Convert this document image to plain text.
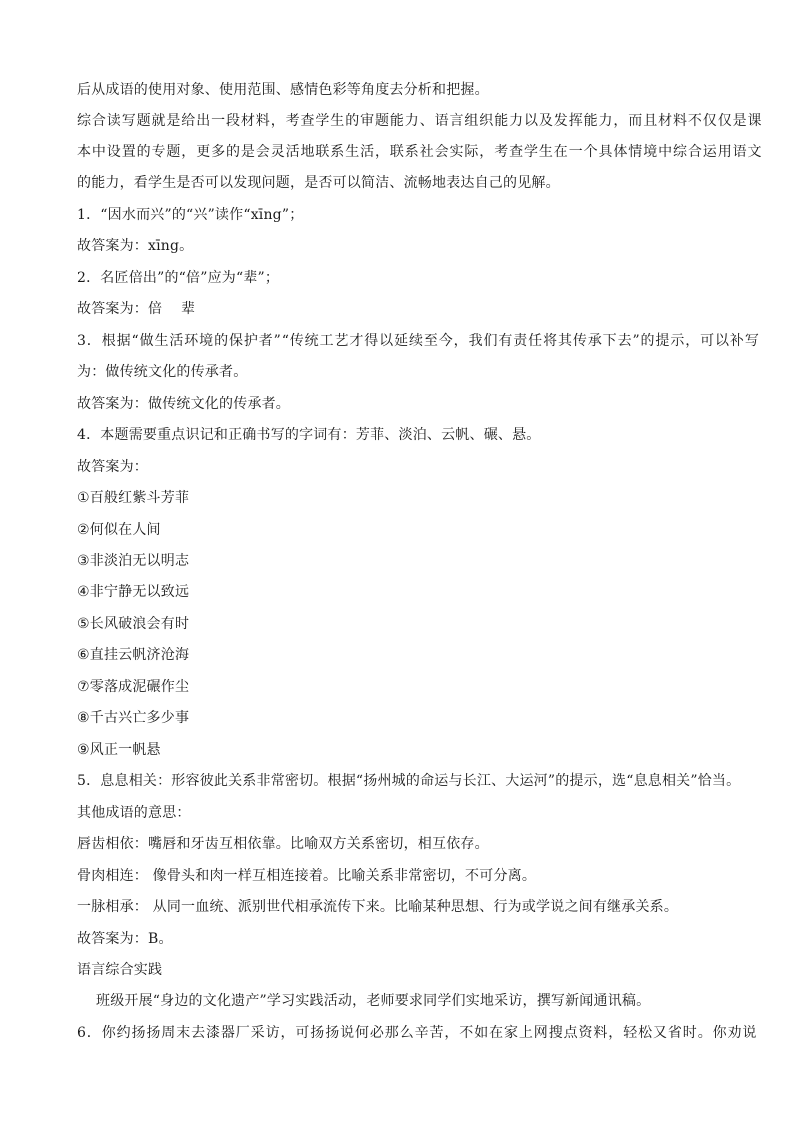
后从成语的使用对象、使用范围、感情色彩等角度去分析和把握。
综合读写题就是给出一段材料，考查学生的审题能力、语言组织能力以及发挥能力，而且材料不仅仅是课
本中设置的专题，更多的是会灵活地联系生活，联系社会实际，考查学生在一个具体情境中综合运用语文
的能力，看学生是否可以发现问题，是否可以简洁、流畅地表达自己的见解。
1．“因水而兴”的“兴”读作“xīng”；
故答案为：xīng。
2．名匠倍出”的“倍”应为“辈”；
故答案为：倍　 辈
3．根据“做生活环境的保护者”“传统工艺才得以延续至今，我们有责任将其传承下去”的提示，可以补写
为：做传统文化的传承者。
故答案为：做传统文化的传承者。
4．本题需要重点识记和正确书写的字词有：芳菲、淡泊、云帆、碾、悬。
故答案为：
①百般红紫斗芳菲
②何似在人间
③非淡泊无以明志
④非宁静无以致远
⑤长风破浪会有时
⑥直挂云帆济沧海
⑦零落成泥碾作尘
⑧千古兴亡多少事
⑨风正一帆悬
5．息息相关：形容彼此关系非常密切。根据“扬州城的命运与长江、大运河”的提示，选“息息相关”恰当。
其他成语的意思：
唇齿相依：嘴唇和牙齿互相依靠。比喻双方关系密切，相互依存。
骨肉相连： 像骨头和肉一样互相连接着。比喻关系非常密切，不可分离。
一脉相承： 从同一血统、派别世代相承流传下来。比喻某种思想、行为或学说之间有继承关系。
故答案为：B。
语言综合实践
班级开展“身边的文化遗产”学习实践活动，老师要求同学们实地采访，撰写新闻通讯稿。
6．你约扬扬周末去漆器厂采访，可扬扬说何必那么辛苦，不如在家上网搜点资料，轻松又省时。你劝说
